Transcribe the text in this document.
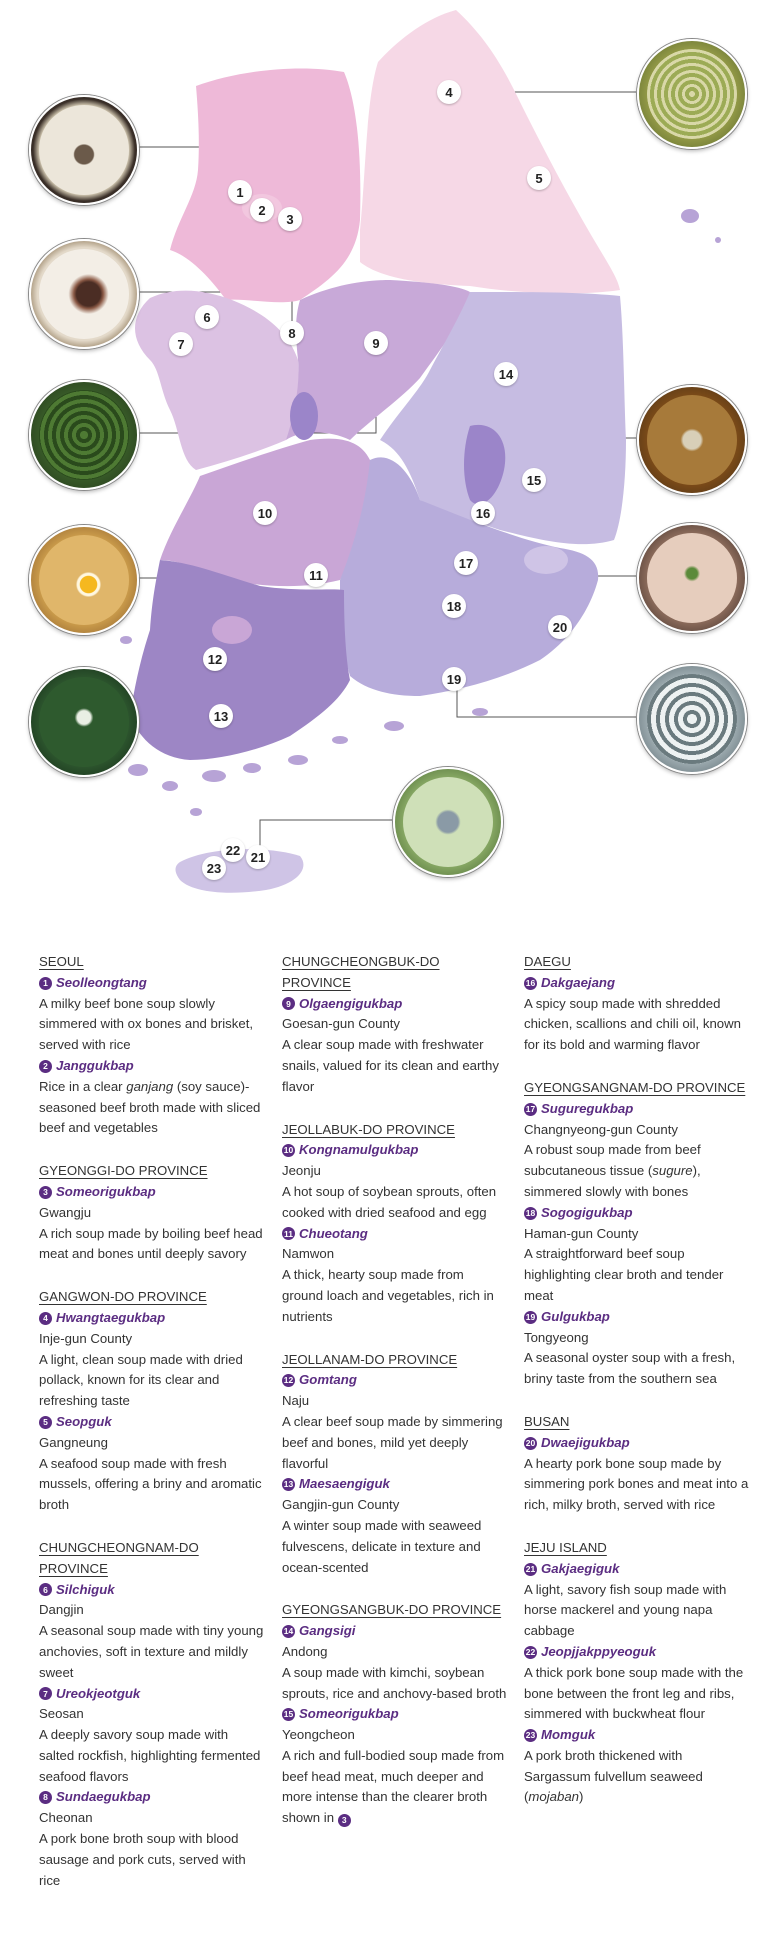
1
2
3
4
5
6
7
8
9
10
11
12
13
14
15
16
17
18
19
20
21
22
23
SEOUL
1 Seolleongtang
A milky beef bone soup slowly simmered with ox bones and brisket, served with rice
2 Janggukbap
Rice in a clear ganjang (soy sauce)-seasoned beef broth made with sliced beef and vegetables
GYEONGGI-DO PROVINCE
3 Someorigukbap
Gwangju
A rich soup made by boiling beef head meat and bones until deeply savory
GANGWON-DO PROVINCE
4 Hwangtaegukbap
Inje-gun County
A light, clean soup made with dried pollack, known for its clear and refreshing taste
5 Seopguk
Gangneung
A seafood soup made with fresh mussels, offering a briny and aromatic broth
CHUNGCHEONGNAM-DO PROVINCE
6 Silchiguk
Dangjin
A seasonal soup made with tiny young anchovies, soft in texture and mildly sweet
7 Ureokjeotguk
Seosan
A deeply savory soup made with salted rockfish, highlighting fermented seafood flavors
8 Sundaegukbap
Cheonan
A pork bone broth soup with blood sausage and pork cuts, served with rice
CHUNGCHEONGBUK-DO PROVINCE
9 Olgaengigukbap
Goesan-gun County
A clear soup made with freshwater snails, valued for its clean and earthy flavor
JEOLLABUK-DO PROVINCE
10 Kongnamulgukbap
Jeonju
A hot soup of soybean sprouts, often cooked with dried seafood and egg
11 Chueotang
Namwon
A thick, hearty soup made from ground loach and vegetables, rich in nutrients
JEOLLANAM-DO PROVINCE
12 Gomtang
Naju
A clear beef soup made by simmering beef and bones, mild yet deeply flavorful
13 Maesaengiguk
Gangjin-gun County
A winter soup made with seaweed fulvescens, delicate in texture and ocean-scented
GYEONGSANGBUK-DO PROVINCE
14 Gangsigi
Andong
A soup made with kimchi, soybean sprouts, rice and anchovy-based broth
15 Someorigukbap
Yeongcheon
A rich and full-bodied soup made from beef head meat, much deeper and more intense than the clearer broth shown in 3
DAEGU
16 Dakgaejang
A spicy soup made with shredded chicken, scallions and chili oil, known for its bold and warming flavor
GYEONGSANGNAM-DO PROVINCE
17 Suguregukbap
Changnyeong-gun County
A robust soup made from beef subcutaneous tissue (sugure), simmered slowly with bones
18 Sogogigukbap
Haman-gun County
A straightforward beef soup highlighting clear broth and tender meat
19 Gulgukbap
Tongyeong
A seasonal oyster soup with a fresh, briny taste from the southern sea
BUSAN
20 Dwaejigukbap
A hearty pork bone soup made by simmering pork bones and meat into a rich, milky broth, served with rice
JEJU ISLAND
21 Gakjaegiguk
A light, savory fish soup made with horse mackerel and young napa cabbage
22 Jeopjjakppyeoguk
A thick pork bone soup made with the bone between the front leg and ribs, simmered with buckwheat flour
23 Momguk
A pork broth thickened with Sargassum fulvellum seaweed (mojaban)
